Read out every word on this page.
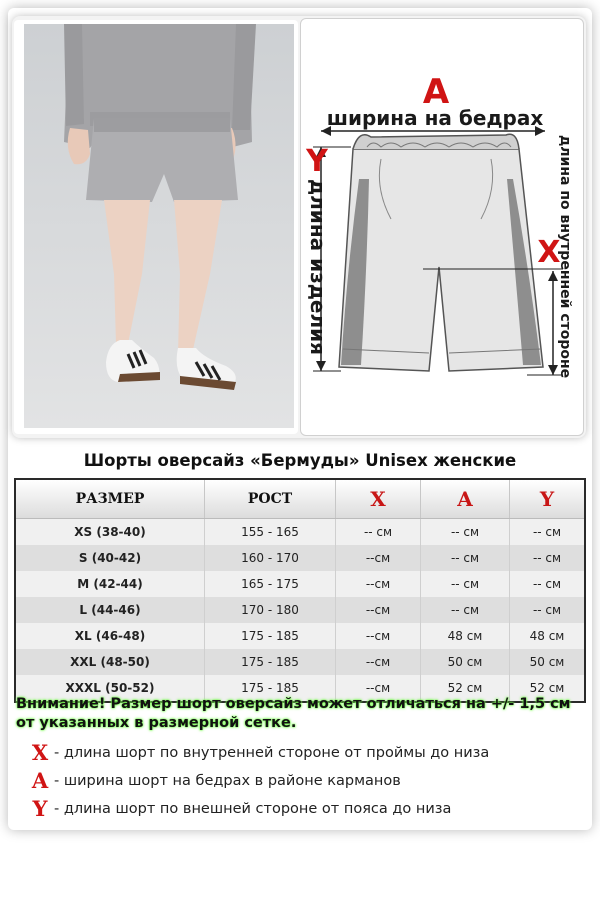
A
ширина на бедрах
Y
длина изделия	X
длина по внутренней стороне
Шорты оверсайз «Бермуды» Unisex женские
РАЗМЕР	РОСТ	X	A	Y
XS (38-40)	155 - 165	-- см	-- см	-- см
S (40-42)	160 - 170	--см	-- см	-- см
M (42-44)	165 - 175	--см	-- см	-- см
L (44-46)	170 - 180	--см	-- см	-- см
XL (46-48)	175 - 185	--см	48 см	48 см
XXL (48-50)	175 - 185	--см	50 см	50 см
XXXL (50-52)	175 - 185	--см	52 см	52 см
Внимание! Размер шорт оверсайз может отличаться на +/- 1,5 см от указанных в размерной сетке.
X - длина шорт по внутренней стороне от проймы до низа
A - ширина шорт на бедрах в районе карманов
Y - длина шорт по внешней стороне от пояса до низа
